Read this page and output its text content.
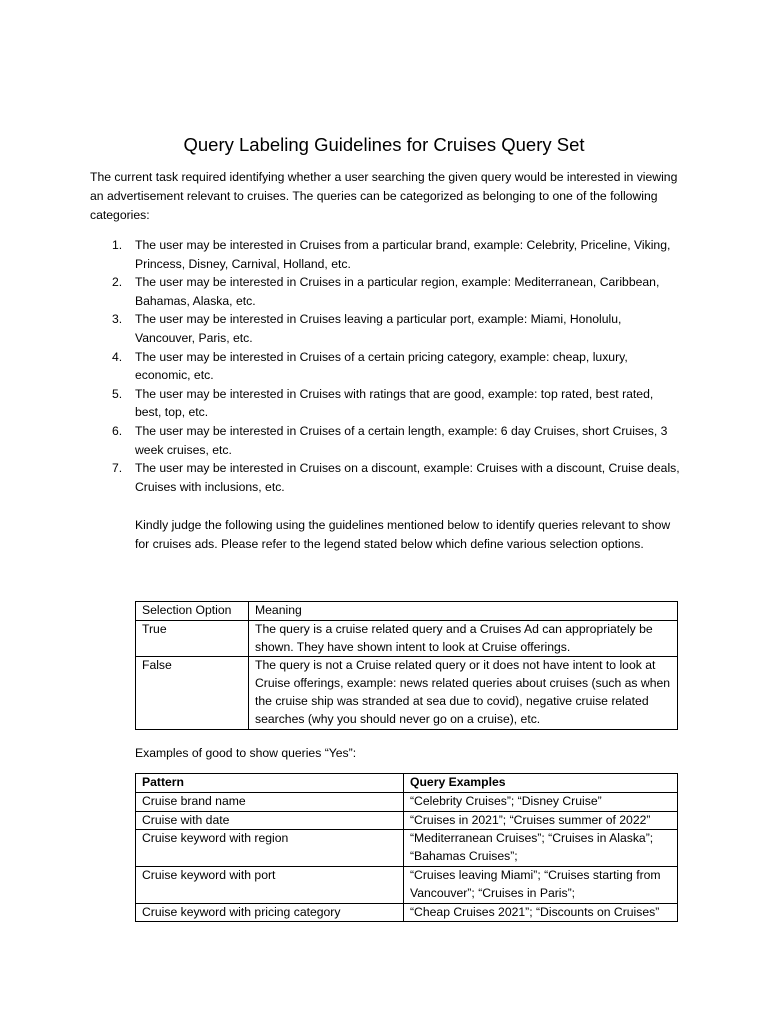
Query Labeling Guidelines for Cruises Query Set

The current task required identifying whether a user searching the given query would be interested in viewing an advertisement relevant to cruises. The queries can be categorized as belonging to one of the following categories:

1. The user may be interested in Cruises from a particular brand, example: Celebrity, Priceline, Viking, Princess, Disney, Carnival, Holland, etc.
2. The user may be interested in Cruises in a particular region, example: Mediterranean, Caribbean, Bahamas, Alaska, etc.
3. The user may be interested in Cruises leaving a particular port, example: Miami, Honolulu, Vancouver, Paris, etc.
4. The user may be interested in Cruises of a certain pricing category, example: cheap, luxury, economic, etc.
5. The user may be interested in Cruises with ratings that are good, example: top rated, best rated, best, top, etc.
6. The user may be interested in Cruises of a certain length, example: 6 day Cruises, short Cruises, 3 week cruises, etc.
7. The user may be interested in Cruises on a discount, example: Cruises with a discount, Cruise deals, Cruises with inclusions, etc.

Kindly judge the following using the guidelines mentioned below to identify queries relevant to show for cruises ads. Please refer to the legend stated below which define various selection options.

Selection Option	Meaning
True	The query is a cruise related query and a Cruises Ad can appropriately be shown. They have shown intent to look at Cruise offerings.
False	The query is not a Cruise related query or it does not have intent to look at Cruise offerings, example: news related queries about cruises (such as when the cruise ship was stranded at sea due to covid), negative cruise related searches (why you should never go on a cruise), etc.

Examples of good to show queries “Yes”:

Pattern	Query Examples
Cruise brand name	“Celebrity Cruises”; “Disney Cruise”
Cruise with date	“Cruises in 2021”; “Cruises summer of 2022”
Cruise keyword with region	“Mediterranean Cruises”; “Cruises in Alaska”; “Bahamas Cruises”;
Cruise keyword with port	“Cruises leaving Miami”; “Cruises starting from Vancouver”; “Cruises in Paris”;
Cruise keyword with pricing category	“Cheap Cruises 2021”; “Discounts on Cruises”
